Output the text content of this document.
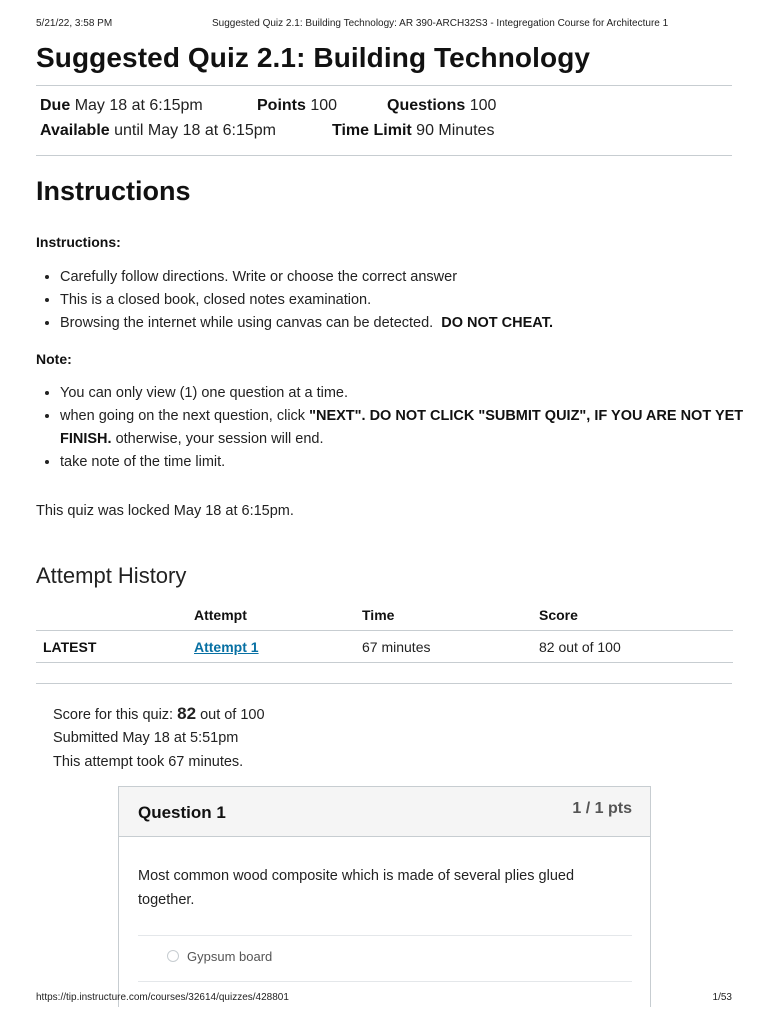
5/21/22, 3:58 PM	Suggested Quiz 2.1: Building Technology: AR 390-ARCH32S3 - Integregation Course for Architecture 1
Suggested Quiz 2.1: Building Technology
Due May 18 at 6:15pm	Points 100	Questions 100
Available until May 18 at 6:15pm	Time Limit 90 Minutes
Instructions
Instructions:
• Carefully follow directions. Write or choose the correct answer
• This is a closed book, closed notes examination.
• Browsing the internet while using canvas can be detected. DO NOT CHEAT.
Note:
• You can only view (1) one question at a time.
• when going on the next question, click "NEXT". DO NOT CLICK "SUBMIT QUIZ", IF YOU ARE NOT YET FINISH. otherwise, your session will end.
• take note of the time limit.
This quiz was locked May 18 at 6:15pm.
Attempt History
	Attempt	Time	Score
LATEST	Attempt 1	67 minutes	82 out of 100
Score for this quiz: 82 out of 100
Submitted May 18 at 5:51pm
This attempt took 67 minutes.
Question 1	1 / 1 pts
Most common wood composite which is made of several plies glued together.
Gypsum board
https://tip.instructure.com/courses/32614/quizzes/428801	1/53
